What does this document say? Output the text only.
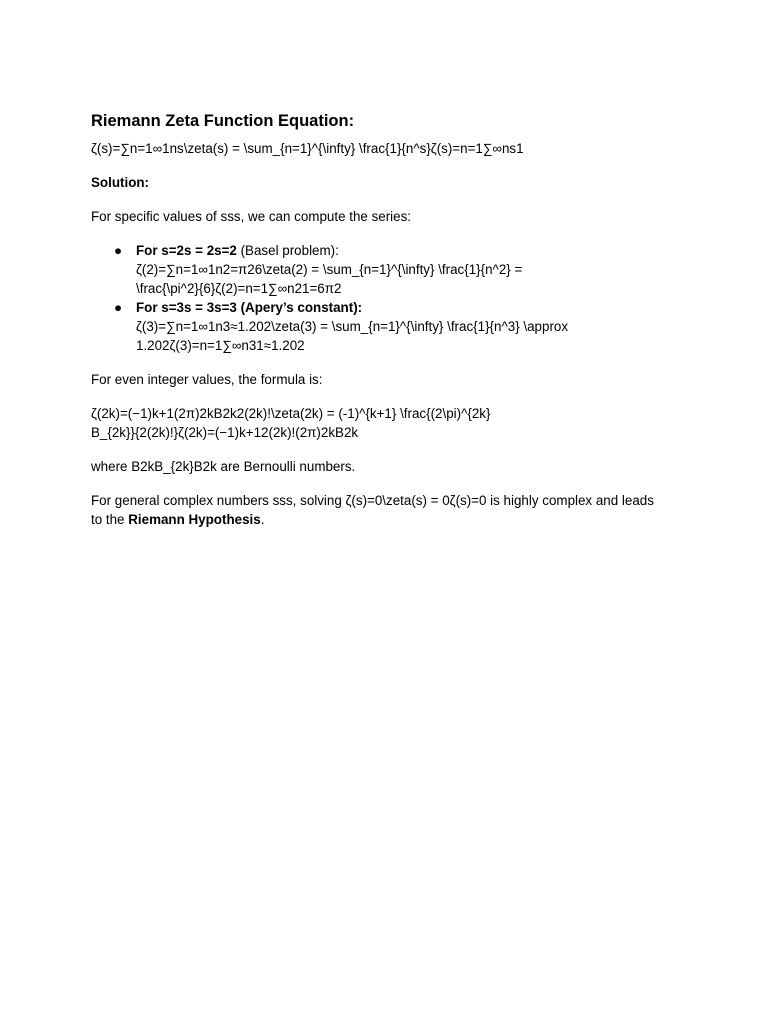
Riemann Zeta Function Equation:

ζ(s)=∑n=1∞1ns\zeta(s) = \sum_{n=1}^{\infty} \frac{1}{n^s}ζ(s)=n=1∑∞ns1

Solution:

For specific values of sss, we can compute the series:

● For s=2s = 2s=2 (Basel problem):
ζ(2)=∑n=1∞1n2=π26\zeta(2) = \sum_{n=1}^{\infty} \frac{1}{n^2} =
\frac{\pi^2}{6}ζ(2)=n=1∑∞n21=6π2
● For s=3s = 3s=3 (Apery’s constant):
ζ(3)=∑n=1∞1n3≈1.202\zeta(3) = \sum_{n=1}^{\infty} \frac{1}{n^3} \approx
1.202ζ(3)=n=1∑∞n31≈1.202

For even integer values, the formula is:

ζ(2k)=(−1)k+1(2π)2kB2k2(2k)!\zeta(2k) = (-1)^{k+1} \frac{(2\pi)^{2k}
B_{2k}}{2(2k)!}ζ(2k)=(−1)k+12(2k)!(2π)2kB2k

where B2kB_{2k}B2k are Bernoulli numbers.

For general complex numbers sss, solving ζ(s)=0\zeta(s) = 0ζ(s)=0 is highly complex and leads
to the Riemann Hypothesis.
